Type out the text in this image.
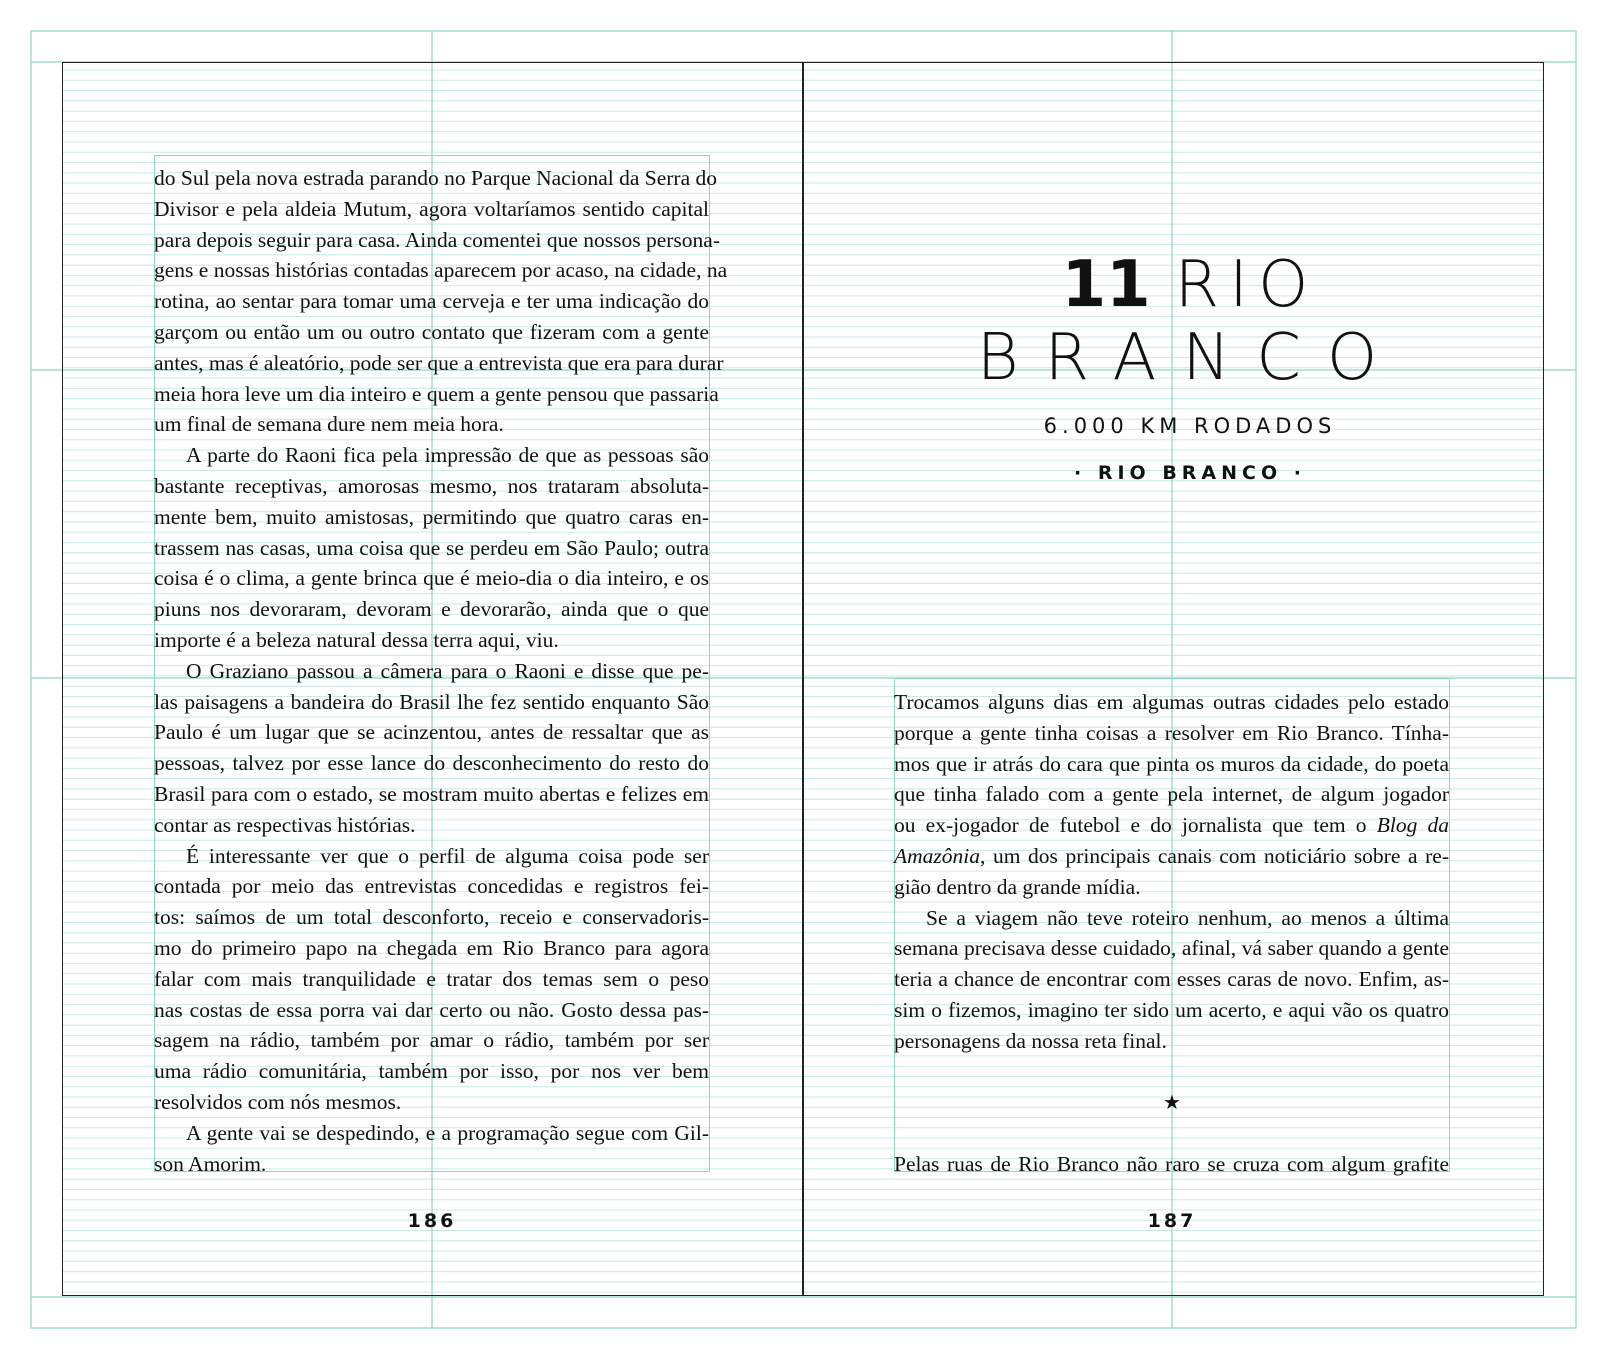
do Sul pela nova estrada parando no Parque Nacional da Serra do
Divisor e pela aldeia Mutum, agora voltaríamos sentido capital
para depois seguir para casa. Ainda comentei que nossos persona-
gens e nossas histórias contadas aparecem por acaso, na cidade, na
rotina, ao sentar para tomar uma cerveja e ter uma indicação do
garçom ou então um ou outro contato que fizeram com a gente
antes, mas é aleatório, pode ser que a entrevista que era para durar
meia hora leve um dia inteiro e quem a gente pensou que passaria
um final de semana dure nem meia hora.
A parte do Raoni fica pela impressão de que as pessoas são
bastante receptivas, amorosas mesmo, nos trataram absoluta-
mente bem, muito amistosas, permitindo que quatro caras en-
trassem nas casas, uma coisa que se perdeu em São Paulo; outra
coisa é o clima, a gente brinca que é meio-dia o dia inteiro, e os
piuns nos devoraram, devoram e devorarão, ainda que o que
importe é a beleza natural dessa terra aqui, viu.
O Graziano passou a câmera para o Raoni e disse que pe-
las paisagens a bandeira do Brasil lhe fez sentido enquanto São
Paulo é um lugar que se acinzentou, antes de ressaltar que as
pessoas, talvez por esse lance do desconhecimento do resto do
Brasil para com o estado, se mostram muito abertas e felizes em
contar as respectivas histórias.
É interessante ver que o perfil de alguma coisa pode ser
contada por meio das entrevistas concedidas e registros fei-
tos: saímos de um total desconforto, receio e conservadoris-
mo do primeiro papo na chegada em Rio Branco para agora
falar com mais tranquilidade e tratar dos temas sem o peso
nas costas de essa porra vai dar certo ou não. Gosto dessa pas-
sagem na rádio, também por amar o rádio, também por ser
uma rádio comunitária, também por isso, por nos ver bem
resolvidos com nós mesmos.
A gente vai se despedindo, e a programação segue com Gil-
son Amorim.
186
11 RIO
BRANCO
6.000 KM RODADOS
· RIO BRANCO ·
Trocamos alguns dias em algumas outras cidades pelo estado
porque a gente tinha coisas a resolver em Rio Branco. Tínha-
mos que ir atrás do cara que pinta os muros da cidade, do poeta
que tinha falado com a gente pela internet, de algum jogador
ou ex-jogador de futebol e do jornalista que tem o Blog da
Amazônia, um dos principais canais com noticiário sobre a re-
gião dentro da grande mídia.
Se a viagem não teve roteiro nenhum, ao menos a última
semana precisava desse cuidado, afinal, vá saber quando a gente
teria a chance de encontrar com esses caras de novo. Enfim, as-
sim o fizemos, imagino ter sido um acerto, e aqui vão os quatro
personagens da nossa reta final.
★
Pelas ruas de Rio Branco não raro se cruza com algum grafite
187
